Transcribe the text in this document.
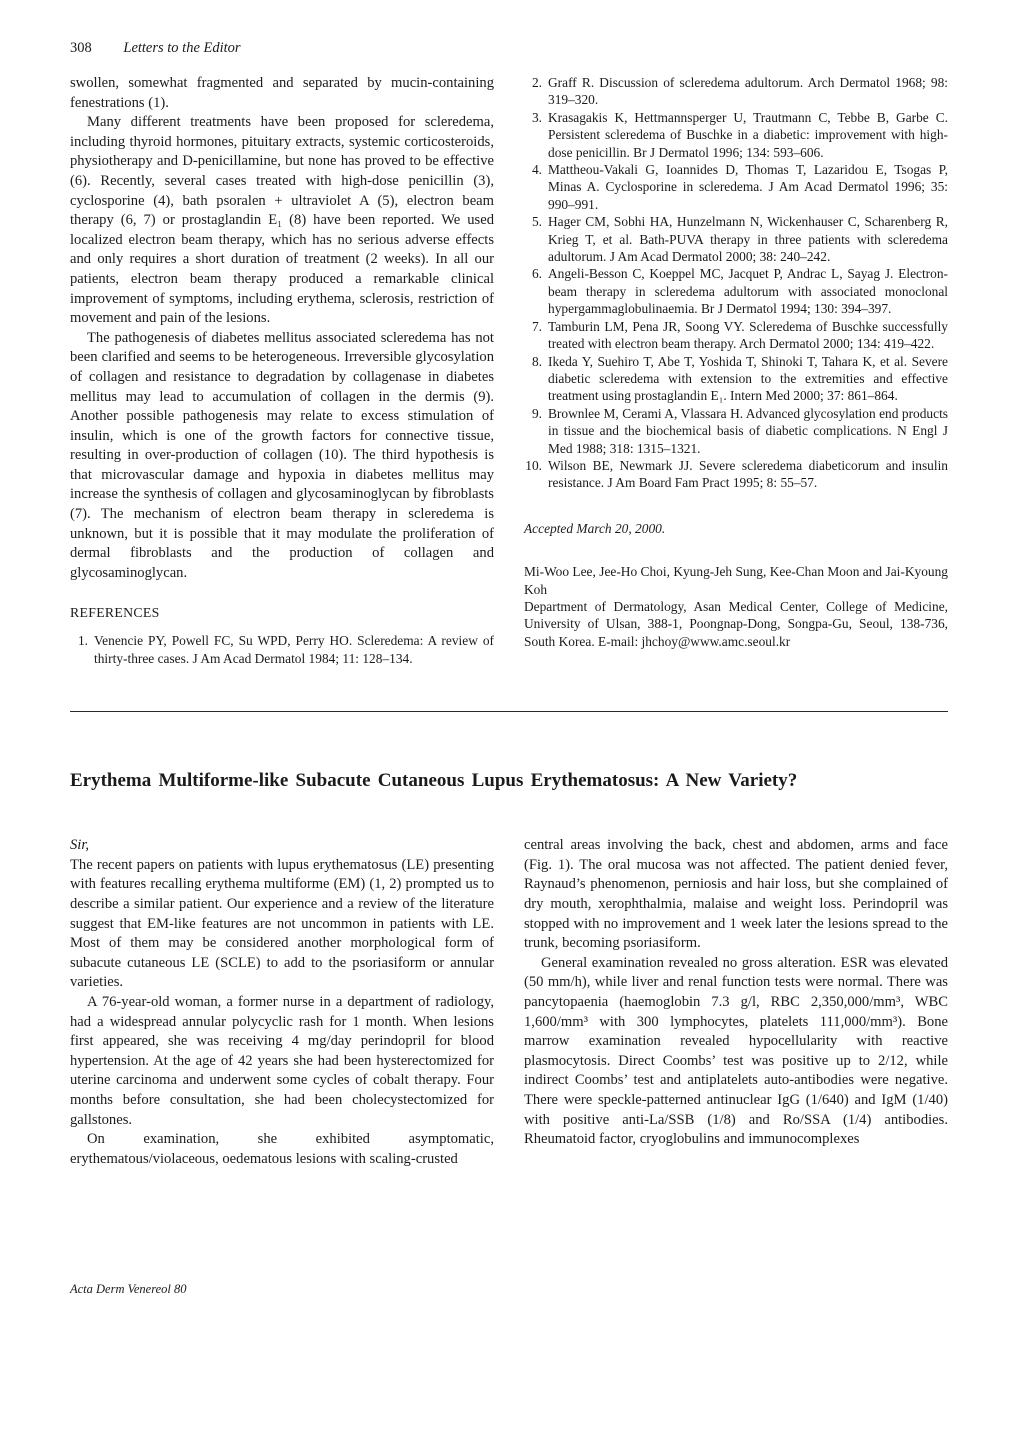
308 Letters to the Editor

swollen, somewhat fragmented and separated by mucin-containing fenestrations (1).

Many different treatments have been proposed for scleredema, including thyroid hormones, pituitary extracts, systemic corticosteroids, physiotherapy and D-penicillamine, but none has proved to be effective (6). Recently, several cases treated with high-dose penicillin (3), cyclosporine (4), bath psoralen + ultraviolet A (5), electron beam therapy (6, 7) or prostaglandin E₁ (8) have been reported. We used localized electron beam therapy, which has no serious adverse effects and only requires a short duration of treatment (2 weeks). In all our patients, electron beam therapy produced a remarkable clinical improvement of symptoms, including erythema, sclerosis, restriction of movement and pain of the lesions.

The pathogenesis of diabetes mellitus associated scleredema has not been clarified and seems to be heterogeneous. Irreversible glycosylation of collagen and resistance to degradation by collagenase in diabetes mellitus may lead to accumulation of collagen in the dermis (9). Another possible pathogenesis may relate to excess stimulation of insulin, which is one of the growth factors for connective tissue, resulting in over-production of collagen (10). The third hypothesis is that microvascular damage and hypoxia in diabetes mellitus may increase the synthesis of collagen and glycosaminoglycan by fibroblasts (7). The mechanism of electron beam therapy in scleredema is unknown, but it is possible that it may modulate the proliferation of dermal fibroblasts and the production of collagen and glycosaminoglycan.

REFERENCES
1. Venencie PY, Powell FC, Su WPD, Perry HO. Scleredema: A review of thirty-three cases. J Am Acad Dermatol 1984; 11: 128–134.
2. Graff R. Discussion of scleredema adultorum. Arch Dermatol 1968; 98: 319–320.
3. Krasagakis K, Hettmannsperger U, Trautmann C, Tebbe B, Garbe C. Persistent scleredema of Buschke in a diabetic: improvement with high-dose penicillin. Br J Dermatol 1996; 134: 593–606.
4. Mattheou-Vakali G, Ioannides D, Thomas T, Lazaridou E, Tsogas P, Minas A. Cyclosporine in scleredema. J Am Acad Dermatol 1996; 35: 990–991.
5. Hager CM, Sobhi HA, Hunzelmann N, Wickenhauser C, Scharenberg R, Krieg T, et al. Bath-PUVA therapy in three patients with scleredema adultorum. J Am Acad Dermatol 2000; 38: 240–242.
6. Angeli-Besson C, Koeppel MC, Jacquet P, Andrac L, Sayag J. Electron-beam therapy in scleredema adultorum with associated monoclonal hypergammaglobulinaemia. Br J Dermatol 1994; 130: 394–397.
7. Tamburin LM, Pena JR, Soong VY. Scleredema of Buschke successfully treated with electron beam therapy. Arch Dermatol 2000; 134: 419–422.
8. Ikeda Y, Suehiro T, Abe T, Yoshida T, Shinoki T, Tahara K, et al. Severe diabetic scleredema with extension to the extremities and effective treatment using prostaglandin E₁. Intern Med 2000; 37: 861–864.
9. Brownlee M, Cerami A, Vlassara H. Advanced glycosylation end products in tissue and the biochemical basis of diabetic complications. N Engl J Med 1988; 318: 1315–1321.
10. Wilson BE, Newmark JJ. Severe scleredema diabeticorum and insulin resistance. J Am Board Fam Pract 1995; 8: 55–57.

Accepted March 20, 2000.

Mi-Woo Lee, Jee-Ho Choi, Kyung-Jeh Sung, Kee-Chan Moon and Jai-Kyoung Koh

Department of Dermatology, Asan Medical Center, College of Medicine, University of Ulsan, 388-1, Poongnap-Dong, Songpa-Gu, Seoul, 138-736, South Korea. E-mail: jhchoy@www.amc.seoul.kr

Erythema Multiforme-like Subacute Cutaneous Lupus Erythematosus: A New Variety?

Sir,

The recent papers on patients with lupus erythematosus (LE) presenting with features recalling erythema multiforme (EM) (1, 2) prompted us to describe a similar patient. Our experience and a review of the literature suggest that EM-like features are not uncommon in patients with LE. Most of them may be considered another morphological form of subacute cutaneous LE (SCLE) to add to the psoriasiform or annular varieties.

A 76-year-old woman, a former nurse in a department of radiology, had a widespread annular polycyclic rash for 1 month. When lesions first appeared, she was receiving 4 mg/day perindopril for blood hypertension. At the age of 42 years she had been hysterectomized for uterine carcinoma and underwent some cycles of cobalt therapy. Four months before consultation, she had been cholecystectomized for gallstones.

On examination, she exhibited asymptomatic, erythematous/violaceous, oedematous lesions with scaling-crusted

central areas involving the back, chest and abdomen, arms and face (Fig. 1). The oral mucosa was not affected. The patient denied fever, Raynaud’s phenomenon, perniosis and hair loss, but she complained of dry mouth, xerophthalmia, malaise and weight loss. Perindopril was stopped with no improvement and 1 week later the lesions spread to the trunk, becoming psoriasiform.

General examination revealed no gross alteration. ESR was elevated (50 mm/h), while liver and renal function tests were normal. There was pancytopaenia (haemoglobin 7.3 g/l, RBC 2,350,000/mm³, WBC 1,600/mm³ with 300 lymphocytes, platelets 111,000/mm³). Bone marrow examination revealed hypocellularity with reactive plasmocytosis. Direct Coombs’ test was positive up to 2/12, while indirect Coombs’ test and antiplatelets auto-antibodies were negative. There were speckle-patterned antinuclear IgG (1/640) and IgM (1/40) with positive anti-La/SSB (1/8) and Ro/SSA (1/4) antibodies. Rheumatoid factor, cryoglobulins and immunocomplexes

Acta Derm Venereol 80
